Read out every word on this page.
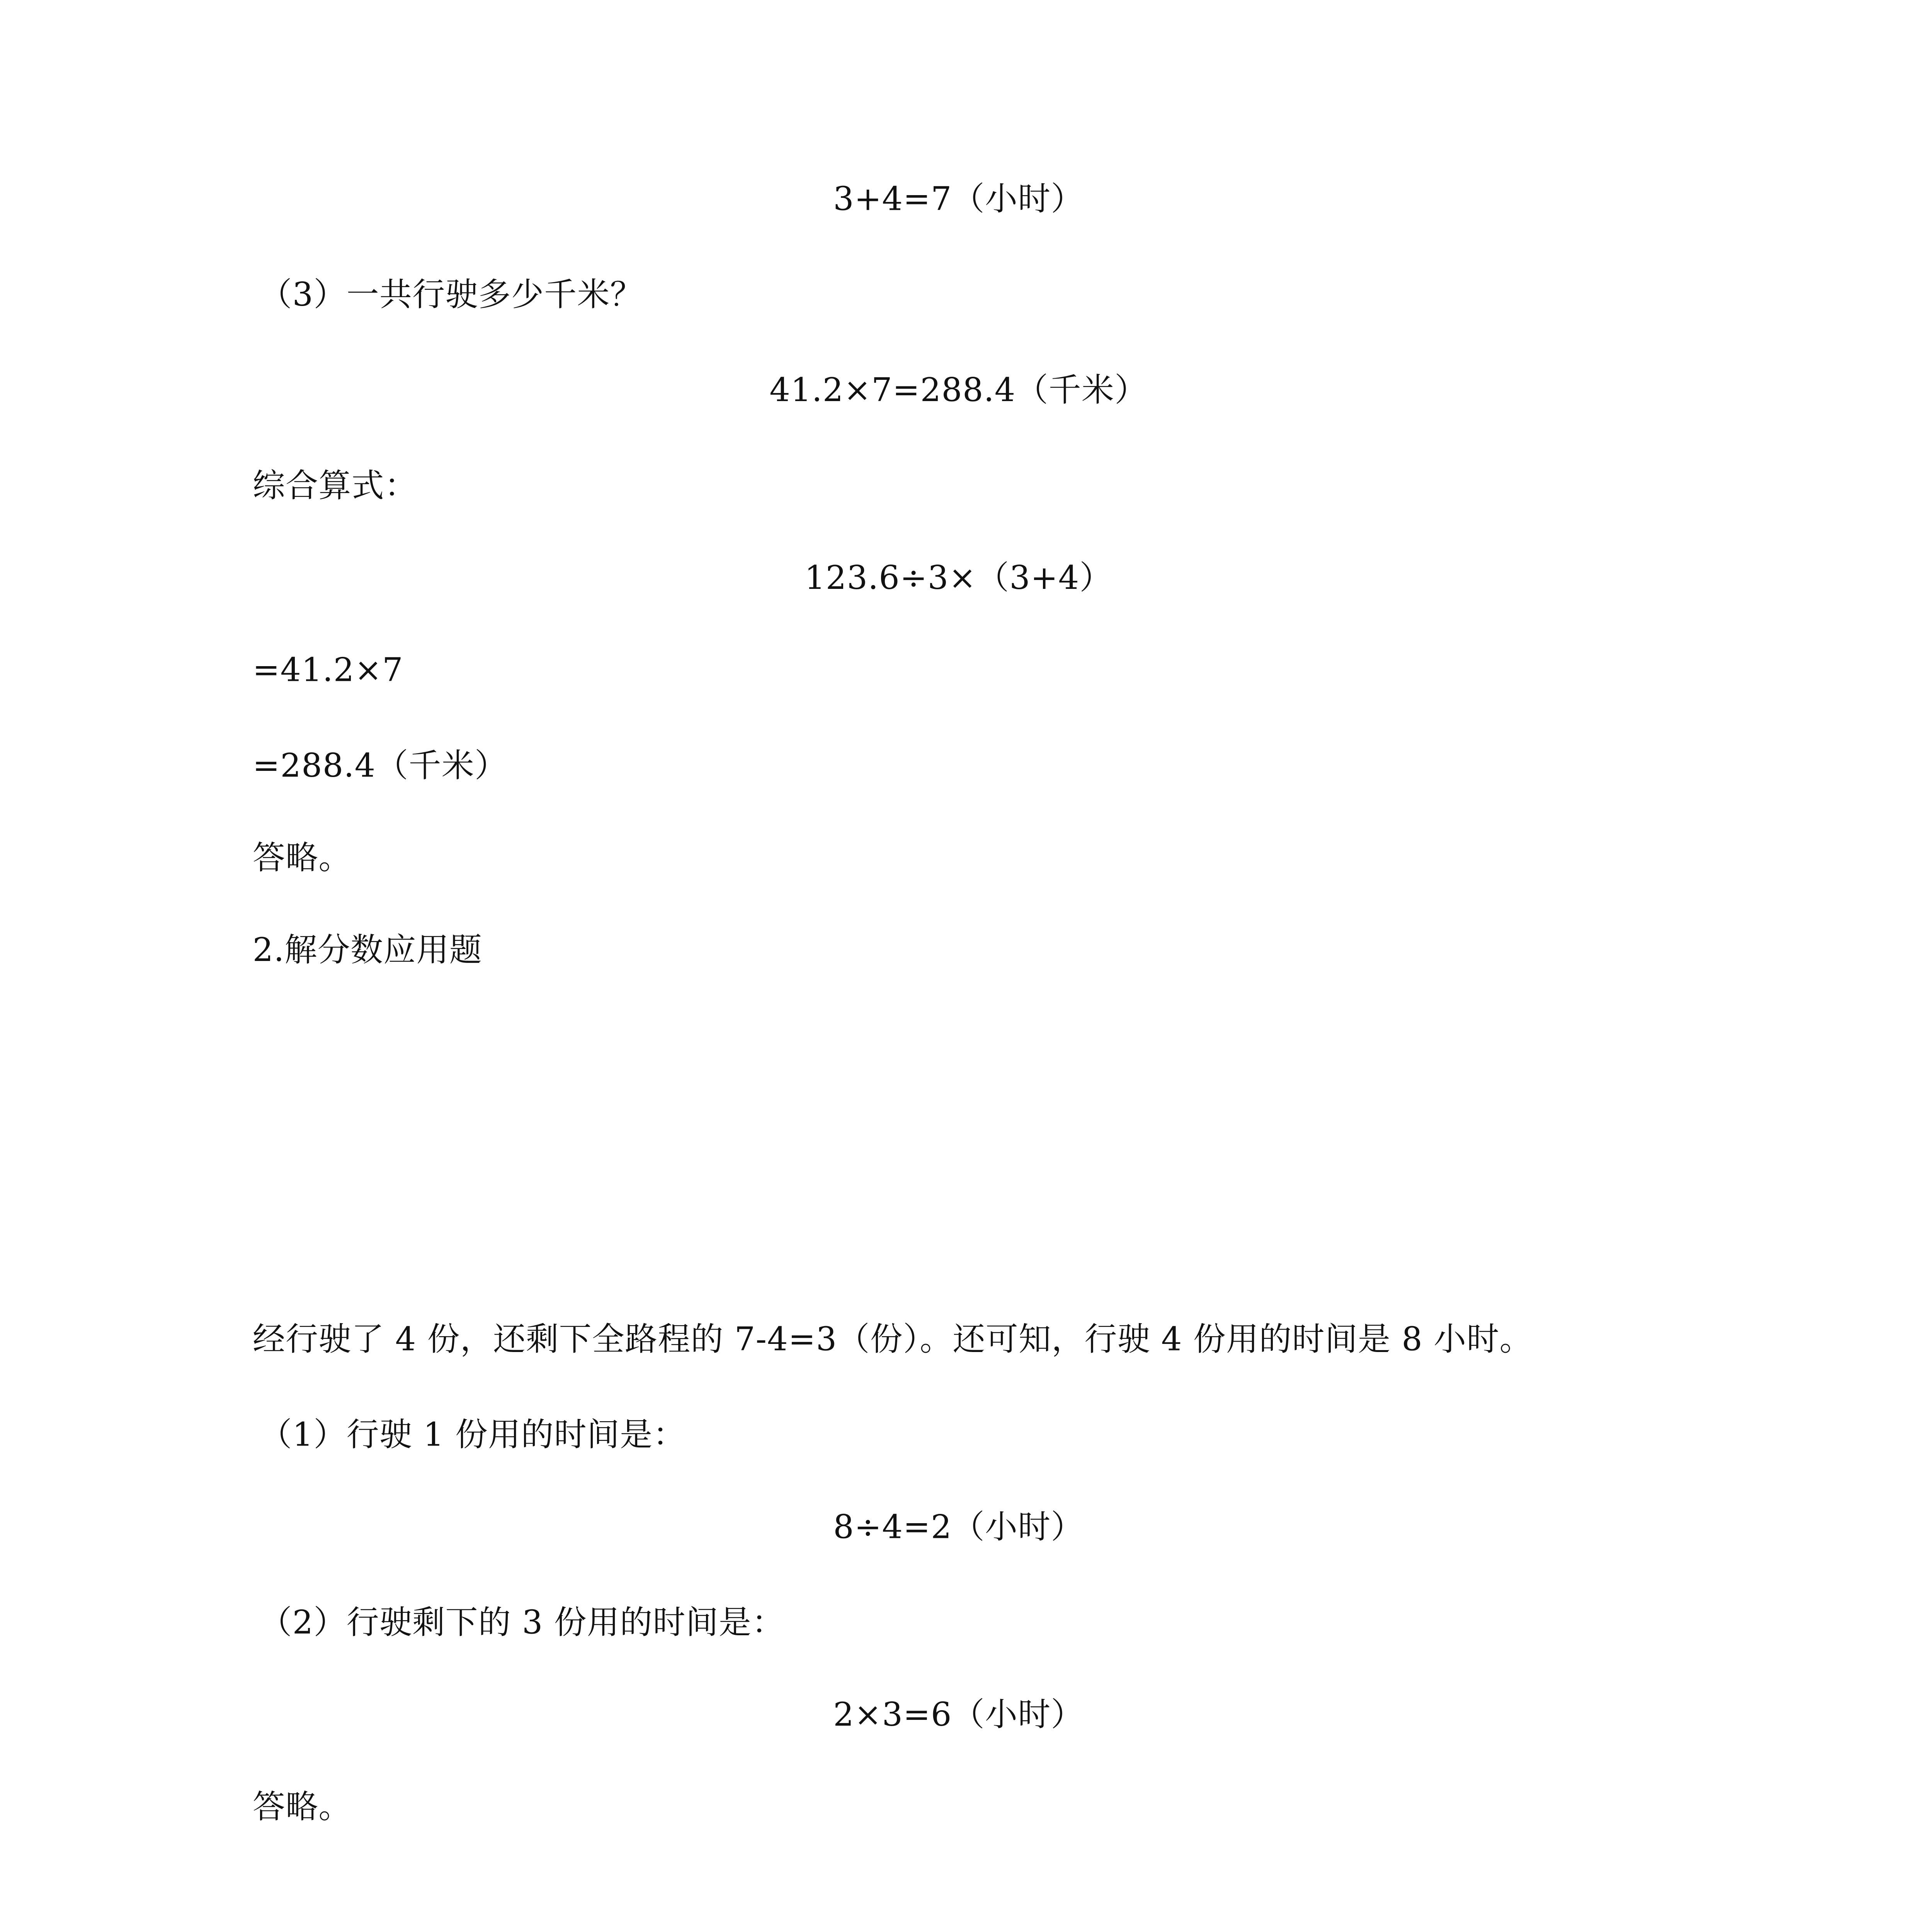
3+4=7（小时）
（3）一共行驶多少千米？
41.2×7=288.4（千米）
综合算式：
123.6÷3×（3+4）
=41.2×7
=288.4（千米）
答略。
2.解分数应用题
经行驶了 4 份，还剩下全路程的 7-4=3（份）。还可知，行驶 4 份用的时间是 8 小时。
（1）行驶 1 份用的时间是：
8÷4=2（小时）
（2）行驶剩下的 3 份用的时间是：
2×3=6（小时）
答略。
